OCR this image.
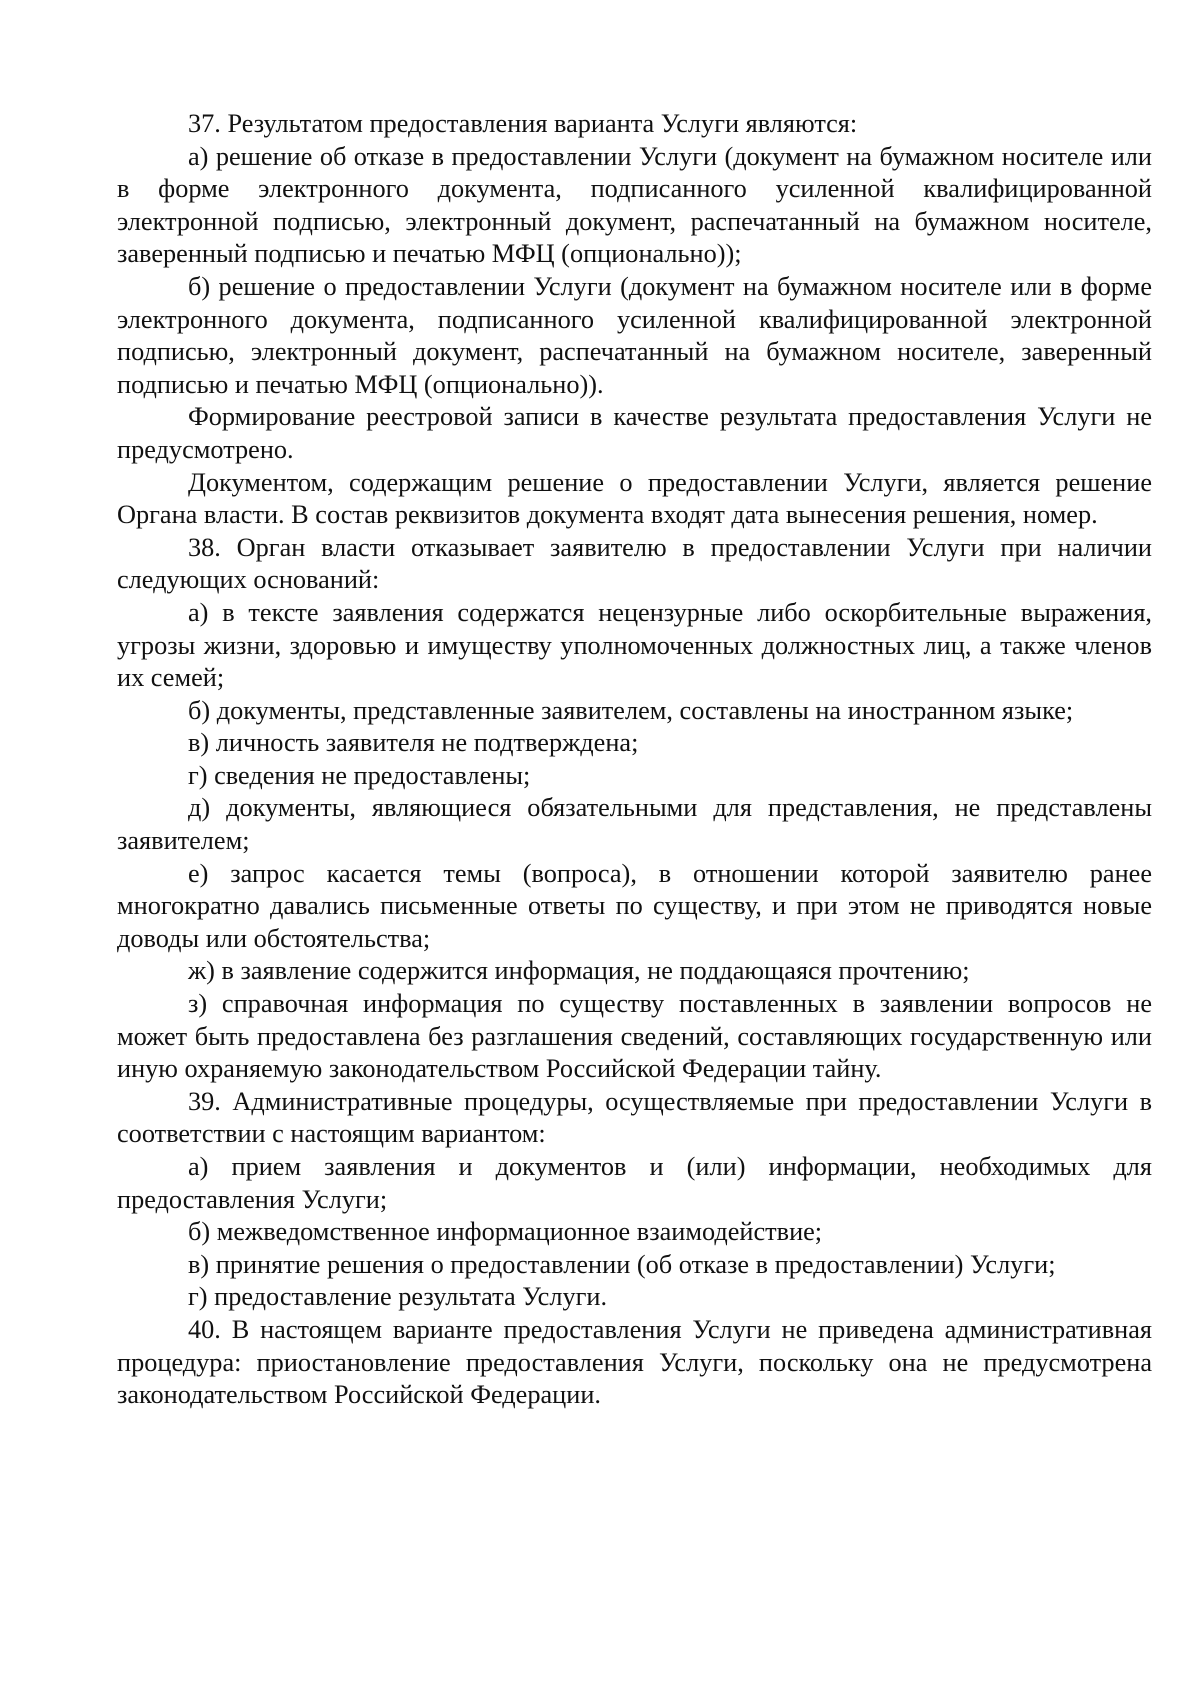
37. Результатом предоставления варианта Услуги являются:

а) решение об отказе в предоставлении Услуги (документ на бумажном носителе или в форме электронного документа, подписанного усиленной квалифицированной электронной подписью, электронный документ, распечатанный на бумажном носителе, заверенный подписью и печатью МФЦ (опционально));

б) решение о предоставлении Услуги (документ на бумажном носителе или в форме электронного документа, подписанного усиленной квалифицированной электронной подписью, электронный документ, распечатанный на бумажном носителе, заверенный подписью и печатью МФЦ (опционально)).

Формирование реестровой записи в качестве результата предоставления Услуги не предусмотрено.

Документом, содержащим решение о предоставлении Услуги, является решение Органа власти. В состав реквизитов документа входят дата вынесения решения, номер.

38. Орган власти отказывает заявителю в предоставлении Услуги при наличии следующих оснований:

а) в тексте заявления содержатся нецензурные либо оскорбительные выражения, угрозы жизни, здоровью и имуществу уполномоченных должностных лиц, а также членов их семей;

б) документы, представленные заявителем, составлены на иностранном языке;

в) личность заявителя не подтверждена;

г) сведения не предоставлены;

д) документы, являющиеся обязательными для представления, не представлены заявителем;

е) запрос касается темы (вопроса), в отношении которой заявителю ранее многократно давались письменные ответы по существу, и при этом не приводятся новые доводы или обстоятельства;

ж) в заявление содержится информация, не поддающаяся прочтению;

з) справочная информация по существу поставленных в заявлении вопросов не может быть предоставлена без разглашения сведений, составляющих государственную или иную охраняемую законодательством Российской Федерации тайну.

39. Административные процедуры, осуществляемые при предоставлении Услуги в соответствии с настоящим вариантом:

а) прием заявления и документов и (или) информации, необходимых для предоставления Услуги;

б) межведомственное информационное взаимодействие;

в) принятие решения о предоставлении (об отказе в предоставлении) Услуги;

г) предоставление результата Услуги.

40. В настоящем варианте предоставления Услуги не приведена административная процедура: приостановление предоставления Услуги, поскольку она не предусмотрена законодательством Российской Федерации.
